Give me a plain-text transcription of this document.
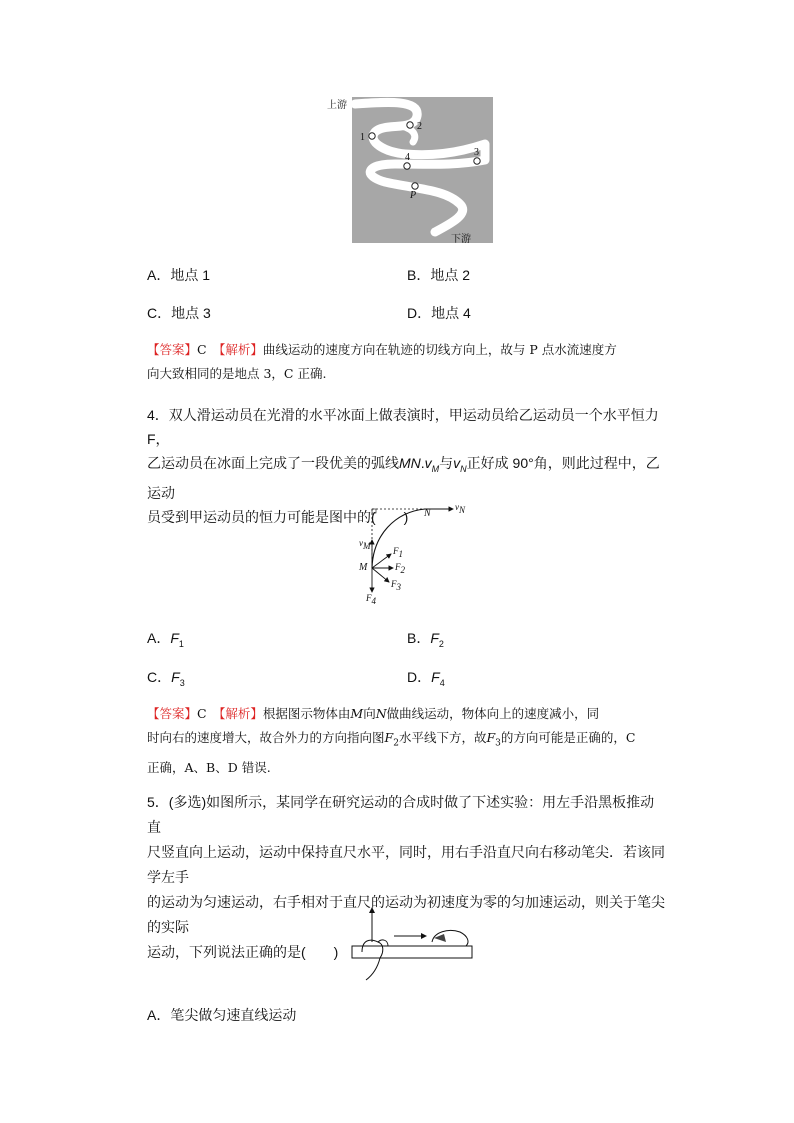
上游
下游
1
2
3
4
P
A．地点 1	B．地点 2
C．地点 3	D．地点 4
【答案】C　 【解析】曲线运动的速度方向在轨迹的切线方向上，故与 P 点水流速度方
向大致相同的是地点 3，C 正确.
4．双人滑运动员在光滑的水平冰面上做表演时，甲运动员给乙运动员一个水平恒力 F，
乙运动员在冰面上完成了一段优美的弧线$MN.v_M$与$v_N$正好成 90°角，则此过程中，乙运动
员受到甲运动员的恒力可能是图中的(　　)
$v_N$
N
$v_M$
M
$F_1$
$F_2$
$F_3$
$F_4$
A．$F_1$	B．$F_2$
C．$F_3$	D．$F_4$
【答案】C　 【解析】根据图示物体由M向N做曲线运动，物体向上的速度减小，同
时向右的速度增大，故合外力的方向指向图$F_2$水平线下方，故$F_3$的方向可能是正确的，C
正确，A、B、D 错误.
5．(多选)如图所示，某同学在研究运动的合成时做了下述实验：用左手沿黑板推动直
尺竖直向上运动，运动中保持直尺水平，同时，用右手沿直尺向右移动笔尖．若该同学左手
的运动为匀速运动，右手相对于直尺的运动为初速度为零的匀加速运动，则关于笔尖的实际
运动，下列说法正确的是(　　)
A．笔尖做匀速直线运动
